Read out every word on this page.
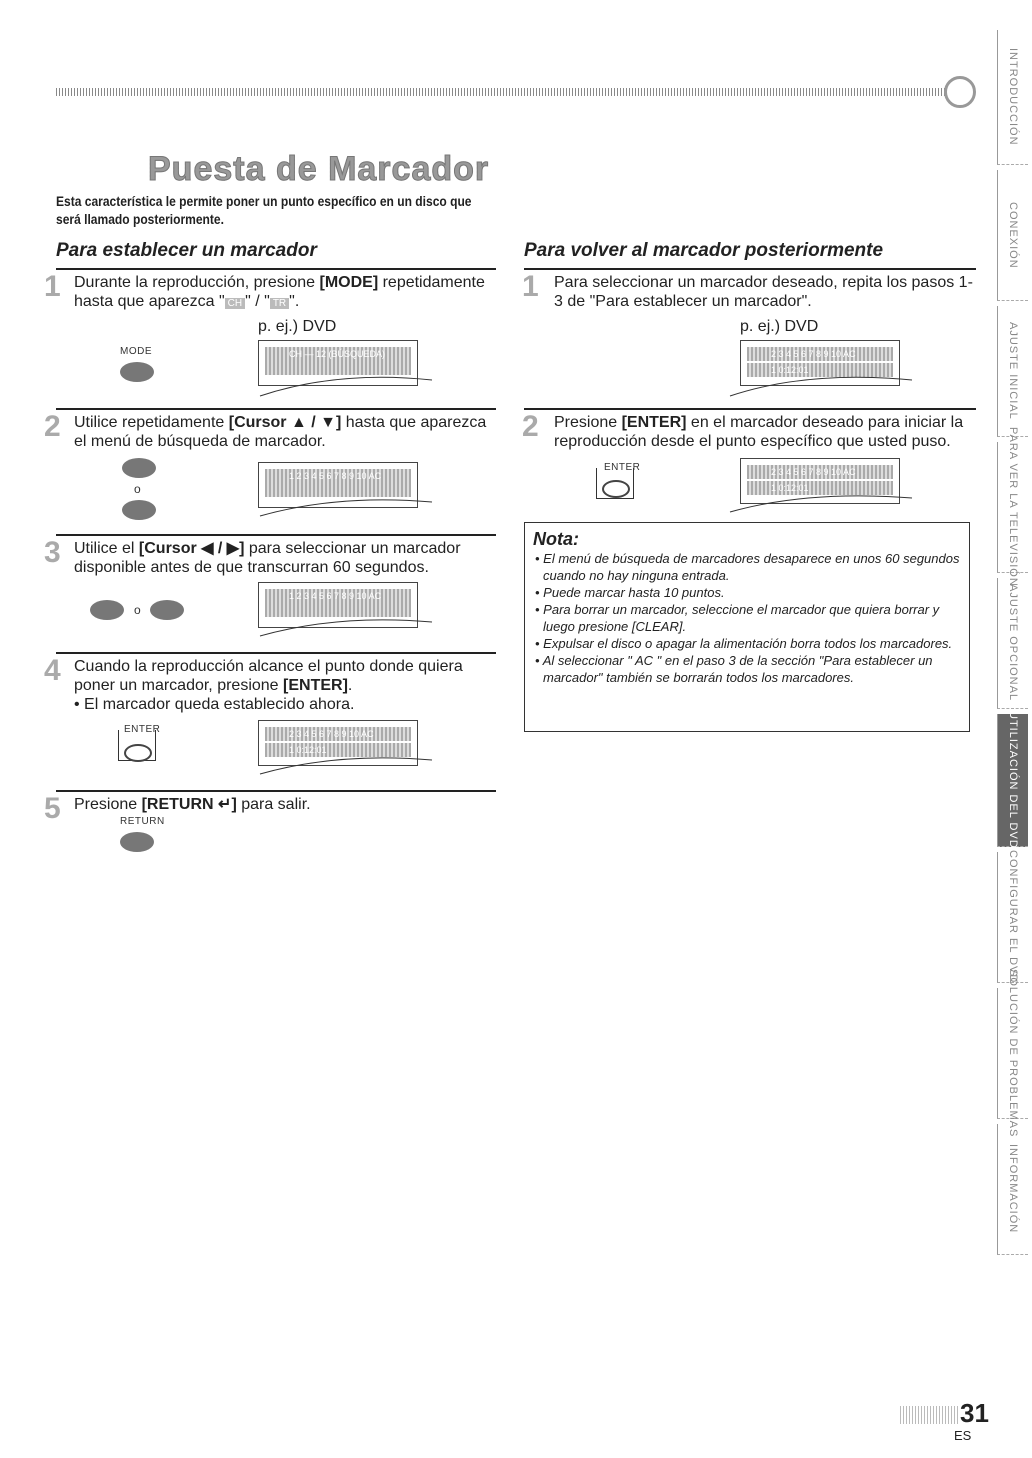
Puesta de Marcador
Esta característica le permite poner un punto específico en un disco que será llamado posteriormente.
Para establecer un marcador
1 Durante la reproducción, presione [MODE] repetidamente hasta que aparezca " CH " / " TR ".
p. ej.) DVD
MODE	CH — 12 (BÚSQUEDA)
2 Utilice repetidamente [Cursor ▲ / ▼] hasta que aparezca el menú de búsqueda de marcador.
o
1 2 3 4 5 6 7 8 9 10 AC
3 Utilice el [Cursor ◀ / ▶] para seleccionar un marcador disponible antes de que transcurran 60 segundos.
o
1 2 3 4 5 6 7 8 9 10 AC
4 Cuando la reproducción alcance el punto donde quiera poner un marcador, presione [ENTER].
• El marcador queda establecido ahora.
ENTER	2 3 4 5 6 7 8 9 10 AC
1 0:12:01
5 Presione [RETURN ↵] para salir.
RETURN
Para volver al marcador posteriormente
1 Para seleccionar un marcador deseado, repita los pasos 1-3 de "Para establecer un marcador".
p. ej.) DVD
2 3 4 5 6 7 8 9 10 AC
1 0:12:01
2 Presione [ENTER] en el marcador deseado para iniciar la reproducción desde el punto específico que usted puso.
ENTER	2 3 4 5 6 7 8 9 10 AC
1 0:12:01
Nota:
• El menú de búsqueda de marcadores desaparece en unos 60 segundos cuando no hay ninguna entrada.
• Puede marcar hasta 10 puntos.
• Para borrar un marcador, seleccione el marcador que quiera borrar y luego presione [CLEAR].
• Expulsar el disco o apagar la alimentación borra todos los marcadores.
• Al seleccionar " AC " en el paso 3 de la sección "Para establecer un marcador" también se borrarán todos los marcadores.
INTRODUCCIÓN
CONEXIÓN
AJUSTE INICIAL
PARA VER LA TELEVISIÓN
AJUSTE OPCIONAL
UTILIZACIÓN DEL DVD
CONFIGURAR EL DVD
SOLUCIÓN DE PROBLEMAS
INFORMACIÓN
31
ES
